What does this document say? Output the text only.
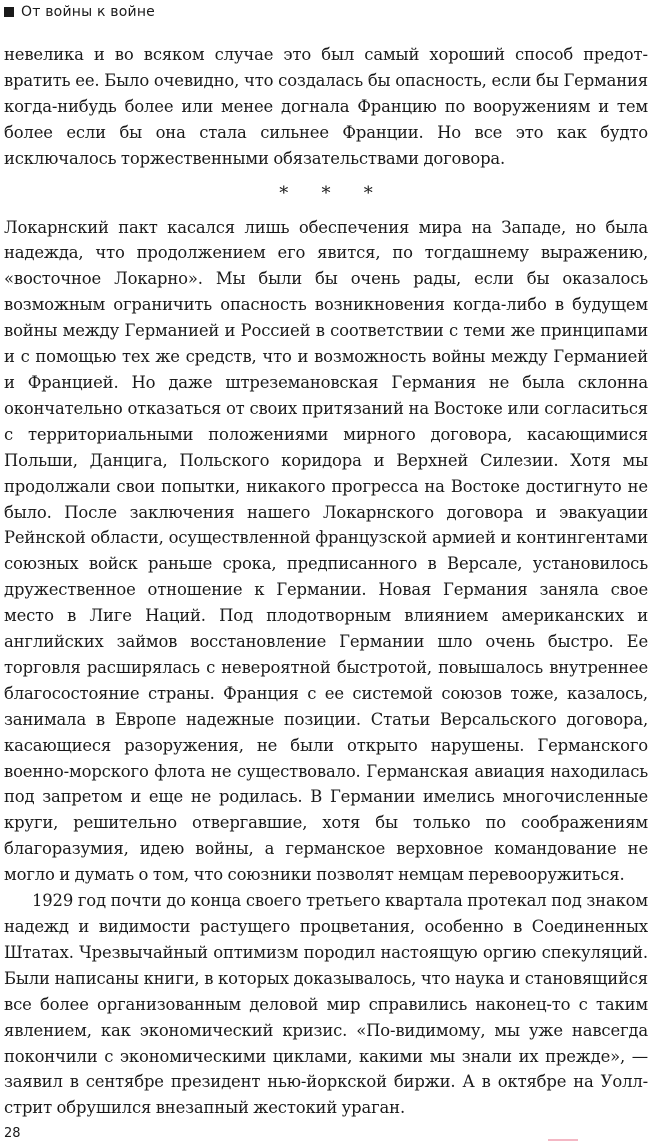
От войны к войне

невелика и во всяком случае это был самый хороший способ предотвратить ее. Было очевидно, что создалась бы опасность, если бы Германия когда-нибудь более или менее догнала Францию по вооружениям и тем более если бы она стала сильнее Франции. Но все это как будто исключалось торжественными обязательствами договора.

* * *

Локарнский пакт касался лишь обеспечения мира на Западе, но была надежда, что продолжением его явится, по тогдашнему выражению, «восточное Локарно». Мы были бы очень рады, если бы оказалось возможным ограничить опасность возникновения когда-либо в будущем войны между Германией и Россией в соответствии с теми же принципами и с помощью тех же средств, что и возможность войны между Германией и Францией. Но даже штреземановская Германия не была склонна окончательно отказаться от своих притязаний на Востоке или согласиться с территориальными положениями мирного договора, касающимися Польши, Данцига, Польского коридора и Верхней Силезии. Хотя мы продолжали свои попытки, никакого прогресса на Востоке достигнуто не было. После заключения нашего Локарнского договора и эвакуации Рейнской области, осуществленной французской армией и контингентами союзных войск раньше срока, предписанного в Версале, установилось дружественное отношение к Германии. Новая Германия заняла свое место в Лиге Наций. Под плодотворным влиянием американских и английских займов восстановление Германии шло очень быстро. Ее торговля расширялась с невероятной быстротой, повышалось внутреннее благосостояние страны. Франция с ее системой союзов тоже, казалось, занимала в Европе надежные позиции. Статьи Версальского договора, касающиеся разоружения, не были открыто нарушены. Германского военно-морского флота не существовало. Германская авиация находилась под запретом и еще не родилась. В Германии имелись многочисленные круги, решительно отвергавшие, хотя бы только по соображениям благоразумия, идею войны, а германское верховное командование не могло и думать о том, что союзники позволят немцам перевооружиться.

1929 год почти до конца своего третьего квартала протекал под знаком надежд и видимости растущего процветания, особенно в Соединенных Штатах. Чрезвычайный оптимизм породил настоящую оргию спекуляций. Были написаны книги, в которых доказывалось, что наука и становящийся все более организованным деловой мир справились наконец-то с таким явлением, как экономический кризис. «По-видимому, мы уже навсегда покончили с экономическими циклами, какими мы знали их прежде», — заявил в сентябре президент нью-йоркской биржи. А в октябре на Уолл-стрит обрушился внезапный жестокий ураган.

28
